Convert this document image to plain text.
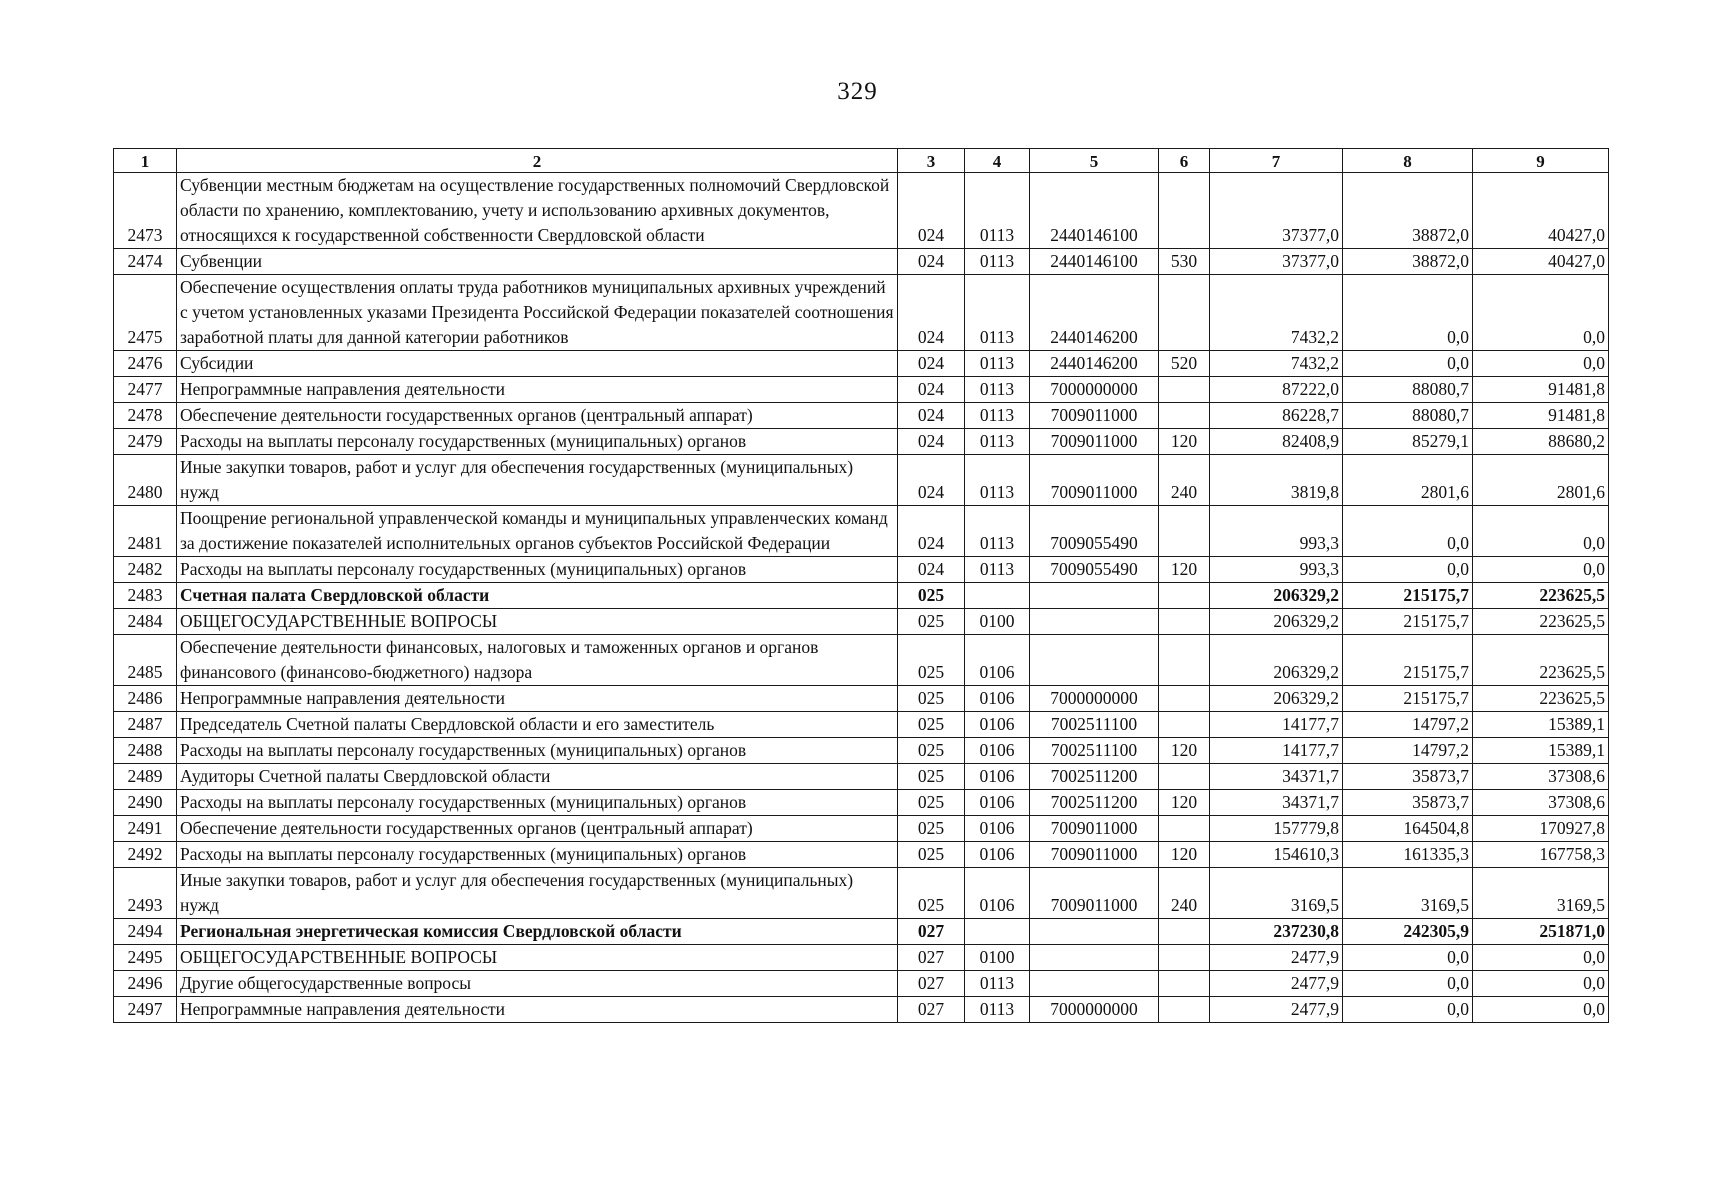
329
1	2	3	4	5	6	7	8	9
2473	Субвенции местным бюджетам на осуществление государственных полномочий Свердловской области по хранению, комплектованию, учету и использованию архивных документов, относящихся к государственной собственности Свердловской области	024	0113	2440146100		37377,0	38872,0	40427,0
2474	Субвенции	024	0113	2440146100	530	37377,0	38872,0	40427,0
2475	Обеспечение осуществления оплаты труда работников муниципальных архивных учреждений с учетом установленных указами Президента Российской Федерации показателей соотношения заработной платы для данной категории работников	024	0113	2440146200		7432,2	0,0	0,0
2476	Субсидии	024	0113	2440146200	520	7432,2	0,0	0,0
2477	Непрограммные направления деятельности	024	0113	7000000000		87222,0	88080,7	91481,8
2478	Обеспечение деятельности государственных органов (центральный аппарат)	024	0113	7009011000		86228,7	88080,7	91481,8
2479	Расходы на выплаты персоналу государственных (муниципальных) органов	024	0113	7009011000	120	82408,9	85279,1	88680,2
2480	Иные закупки товаров, работ и услуг для обеспечения государственных (муниципальных) нужд	024	0113	7009011000	240	3819,8	2801,6	2801,6
2481	Поощрение региональной управленческой команды и муниципальных управленческих команд за достижение показателей исполнительных органов субъектов Российской Федерации	024	0113	7009055490		993,3	0,0	0,0
2482	Расходы на выплаты персоналу государственных (муниципальных) органов	024	0113	7009055490	120	993,3	0,0	0,0
2483	Счетная палата Свердловской области	025				206329,2	215175,7	223625,5
2484	ОБЩЕГОСУДАРСТВЕННЫЕ ВОПРОСЫ	025	0100			206329,2	215175,7	223625,5
2485	Обеспечение деятельности финансовых, налоговых и таможенных органов и органов финансового (финансово-бюджетного) надзора	025	0106			206329,2	215175,7	223625,5
2486	Непрограммные направления деятельности	025	0106	7000000000		206329,2	215175,7	223625,5
2487	Председатель Счетной палаты Свердловской области и его заместитель	025	0106	7002511100		14177,7	14797,2	15389,1
2488	Расходы на выплаты персоналу государственных (муниципальных) органов	025	0106	7002511100	120	14177,7	14797,2	15389,1
2489	Аудиторы Счетной палаты Свердловской области	025	0106	7002511200		34371,7	35873,7	37308,6
2490	Расходы на выплаты персоналу государственных (муниципальных) органов	025	0106	7002511200	120	34371,7	35873,7	37308,6
2491	Обеспечение деятельности государственных органов (центральный аппарат)	025	0106	7009011000		157779,8	164504,8	170927,8
2492	Расходы на выплаты персоналу государственных (муниципальных) органов	025	0106	7009011000	120	154610,3	161335,3	167758,3
2493	Иные закупки товаров, работ и услуг для обеспечения государственных (муниципальных) нужд	025	0106	7009011000	240	3169,5	3169,5	3169,5
2494	Региональная энергетическая комиссия Свердловской области	027				237230,8	242305,9	251871,0
2495	ОБЩЕГОСУДАРСТВЕННЫЕ ВОПРОСЫ	027	0100			2477,9	0,0	0,0
2496	Другие общегосударственные вопросы	027	0113			2477,9	0,0	0,0
2497	Непрограммные направления деятельности	027	0113	7000000000		2477,9	0,0	0,0
